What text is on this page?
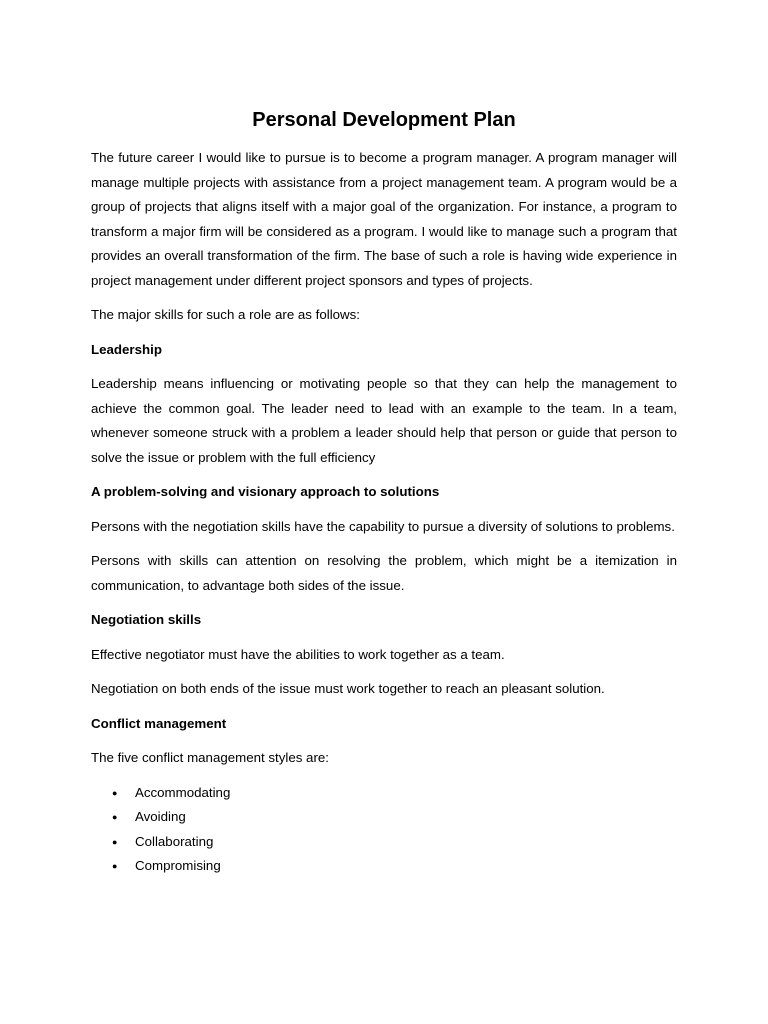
Personal Development Plan

The future career I would like to pursue is to become a program manager. A program manager will manage multiple projects with assistance from a project management team. A program would be a group of projects that aligns itself with a major goal of the organization. For instance, a program to transform a major firm will be considered as a program. I would like to manage such a program that provides an overall transformation of the firm. The base of such a role is having wide experience in project management under different project sponsors and types of projects.

The major skills for such a role are as follows:

Leadership

Leadership means influencing or motivating people so that they can help the management to achieve the common goal. The leader need to lead with an example to the team. In a team, whenever someone struck with a problem a leader should help that person or guide that person to solve the issue or problem with the full efficiency

A problem-solving and visionary approach to solutions

Persons with the negotiation skills have the capability to pursue a diversity of solutions to problems.

Persons with skills can attention on resolving the problem, which might be a itemization in communication, to advantage both sides of the issue.

Negotiation skills

Effective negotiator must have the abilities to work together as a team.

Negotiation on both ends of the issue must work together to reach an pleasant solution.

Conflict management

The five conflict management styles are:

● Accommodating
● Avoiding
● Collaborating
● Compromising
